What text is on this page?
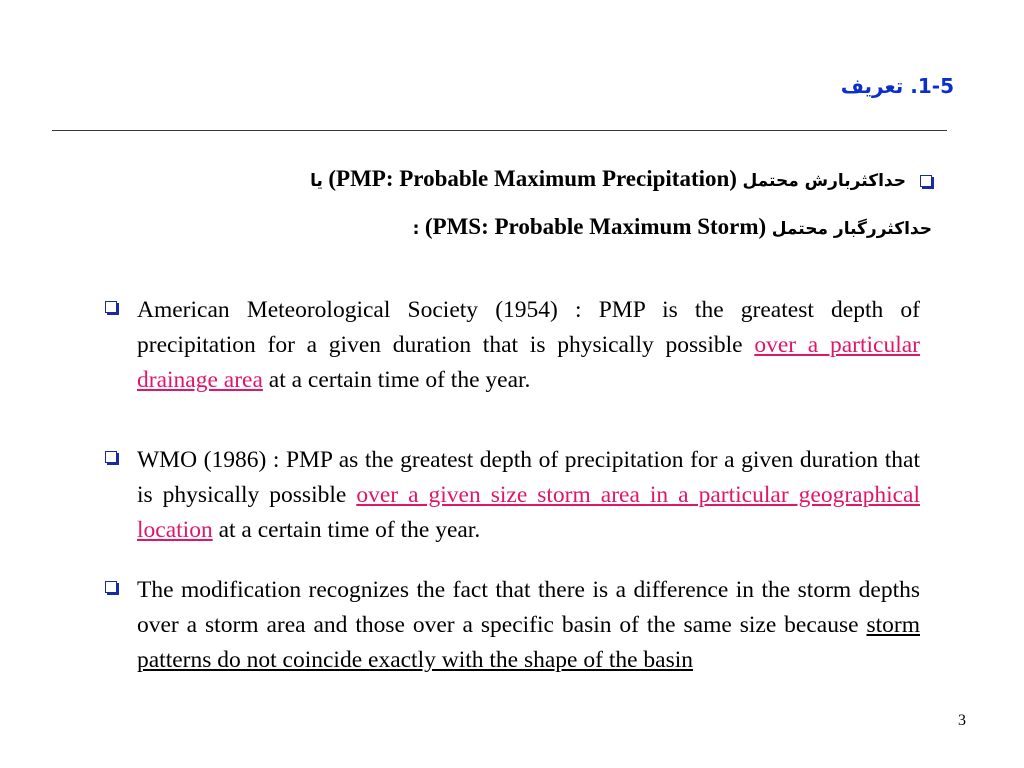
1-5. تعریف
حداکثربارش محتمل (PMP: Probable Maximum Precipitation) یا
حداکثررگبار محتمل (PMS: Probable Maximum Storm) :
American Meteorological Society (1954) : PMP is the greatest depth of precipitation for a given duration that is physically possible over a particular drainage area at a certain time of the year.
WMO (1986) : PMP as the greatest depth of precipitation for a given duration that is physically possible over a given size storm area in a particular geographical location at a certain time of the year.
The modification recognizes the fact that there is a difference in the storm depths over a storm area and those over a specific basin of the same size because storm patterns do not coincide exactly with the shape of the basin
3
